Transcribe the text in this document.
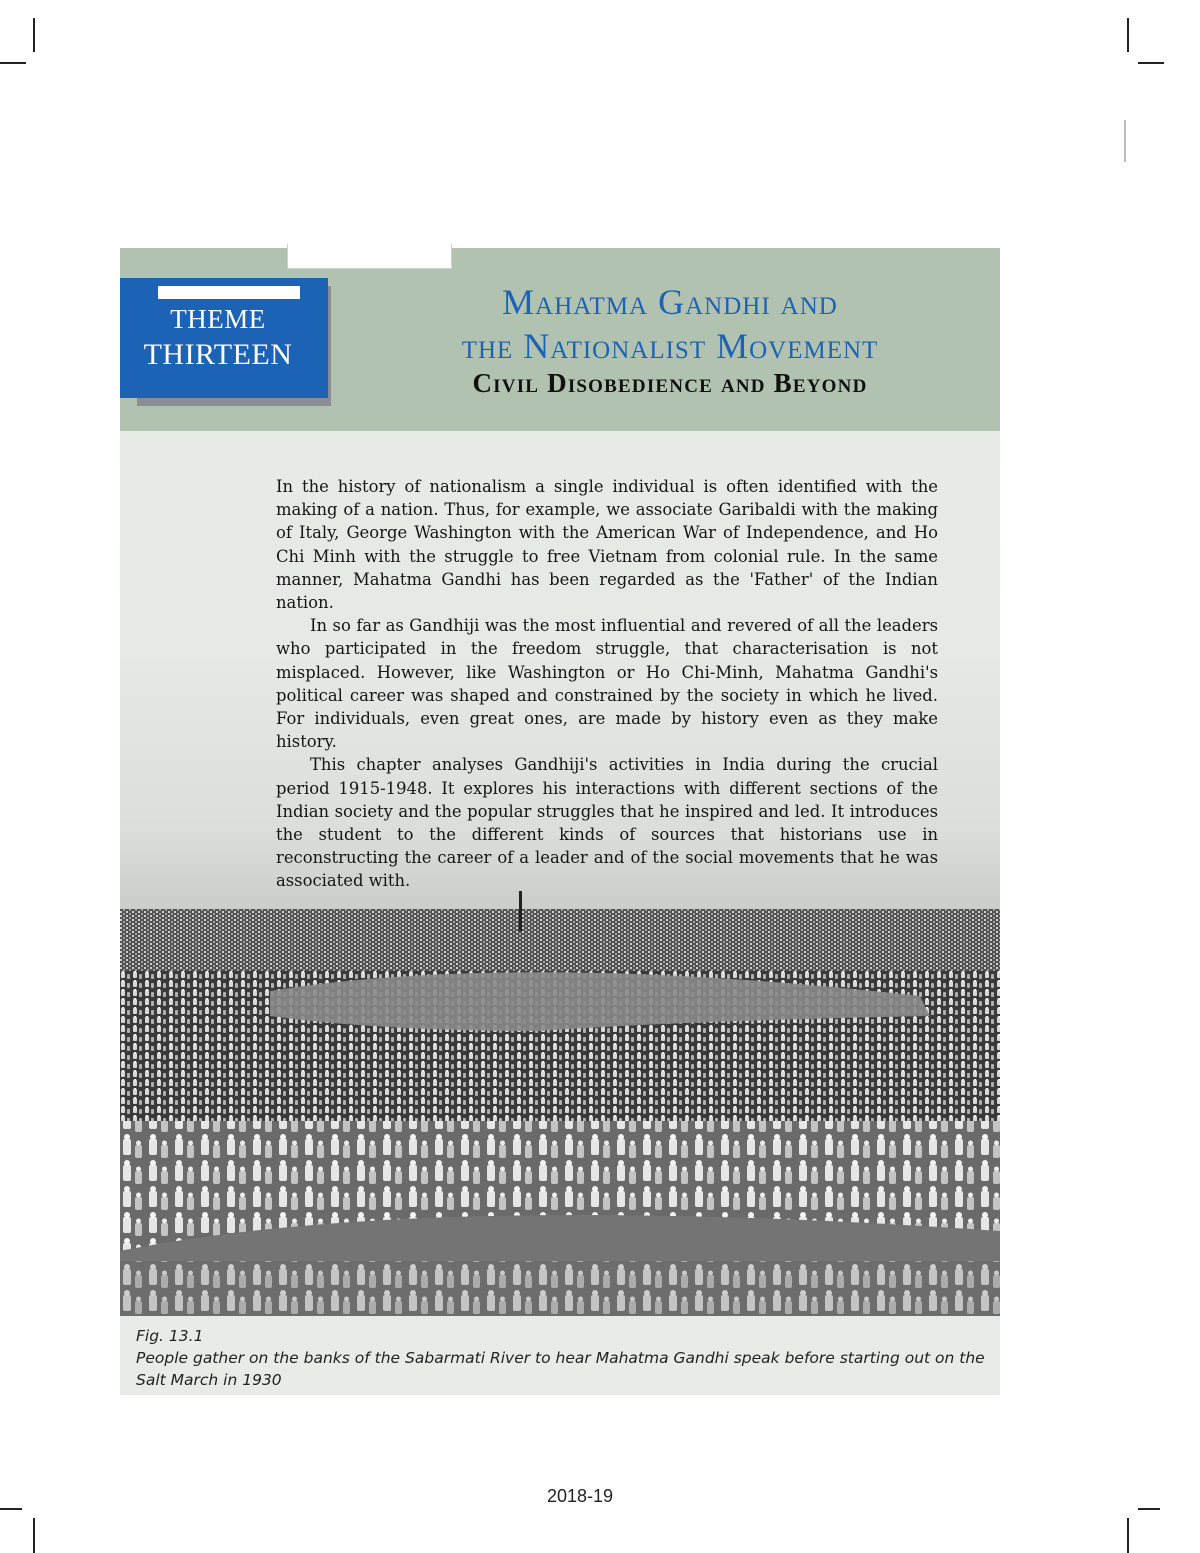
THEME
THIRTEEN
Mahatma Gandhi and
the Nationalist Movement
Civil Disobedience and Beyond

In the history of nationalism a single individual is often identified with the making of a nation. Thus, for example, we associate Garibaldi with the making of Italy, George Washington with the American War of Independence, and Ho Chi Minh with the struggle to free Vietnam from colonial rule. In the same manner, Mahatma Gandhi has been regarded as the 'Father' of the Indian nation.

In so far as Gandhiji was the most influential and revered of all the leaders who participated in the freedom struggle, that characterisation is not misplaced. However, like Washington or Ho Chi-Minh, Mahatma Gandhi's political career was shaped and constrained by the society in which he lived. For individuals, even great ones, are made by history even as they make history.

This chapter analyses Gandhiji's activities in India during the crucial period 1915-1948. It explores his interactions with different sections of the Indian society and the popular struggles that he inspired and led. It introduces the student to the different kinds of sources that historians use in reconstructing the career of a leader and of the social movements that he was associated with.

Fig. 13.1
People gather on the banks of the Sabarmati River to hear Mahatma Gandhi speak before starting out on the Salt March in 1930
2018-19
